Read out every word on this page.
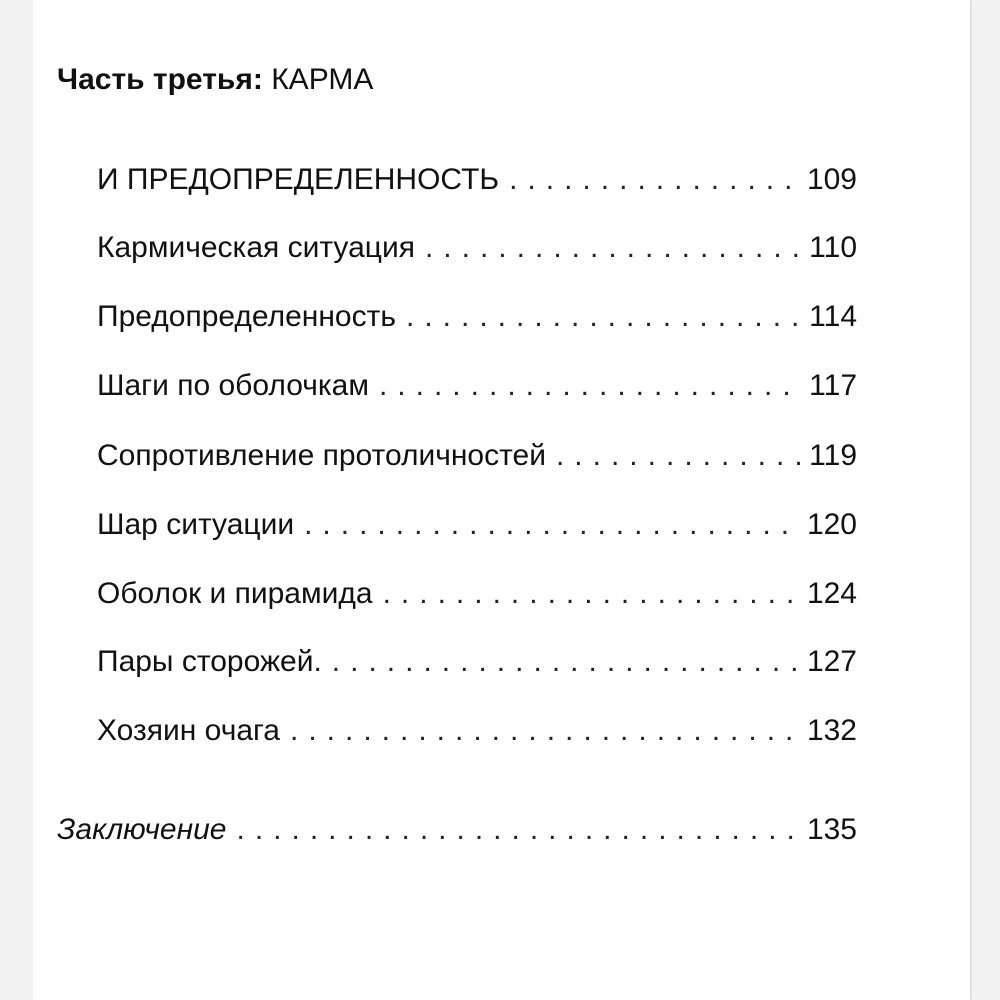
Часть третья: КАРМА
И ПРЕДОПРЕДЕЛЕННОСТЬ .....	109
Кармическая ситуация .....	110
Предопределенность .....	114
Шаги по оболочкам .....	117
Сопротивление протоличностей .....	119
Шар ситуации .....	120
Оболок и пирамида .....	124
Пары сторожей. .....	127
Хозяин очага .....	132
Заключение .....	135
